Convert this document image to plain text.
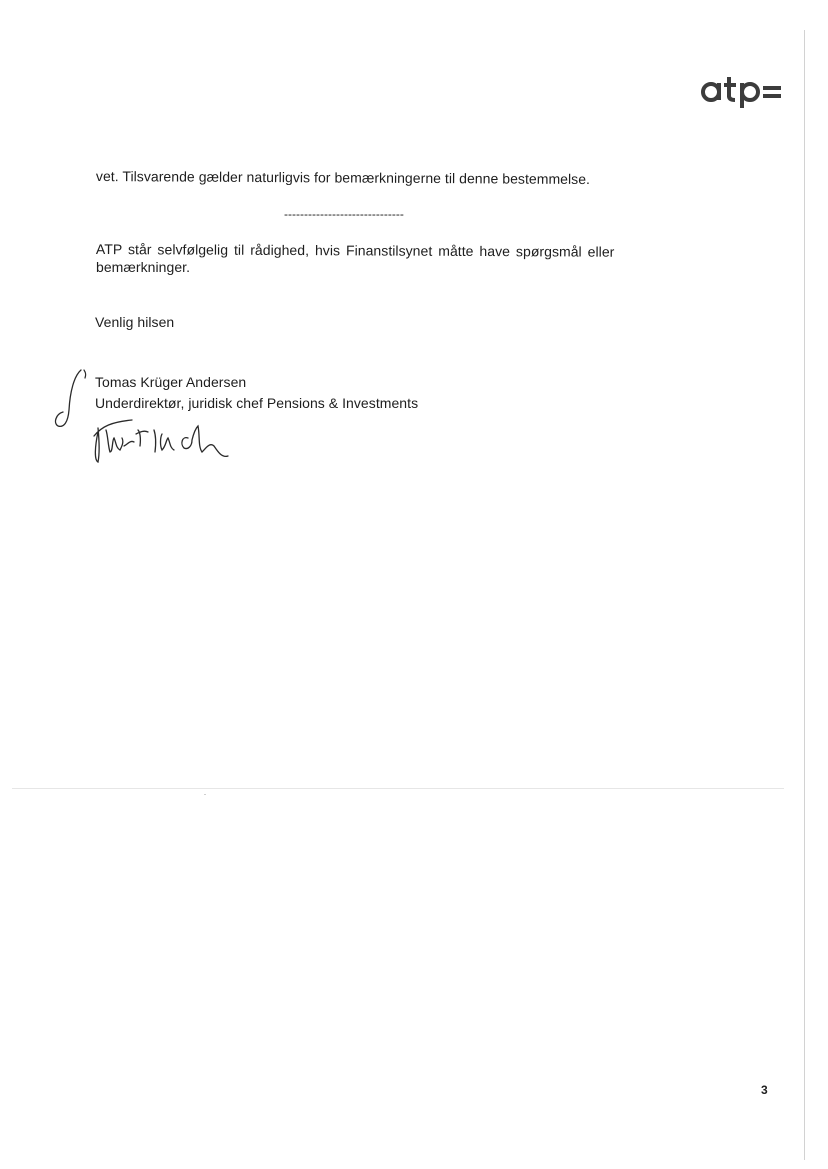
vet. Tilsvarende gælder naturligvis for bemærkningerne til denne bestemmelse.
------------------------------
ATP står selvfølgelig til rådighed, hvis Finanstilsynet måtte have spørgsmål eller
bemærkninger.
Venlig hilsen
Tomas Krüger Andersen
Underdirektør, juridisk chef Pensions & Investments
3
